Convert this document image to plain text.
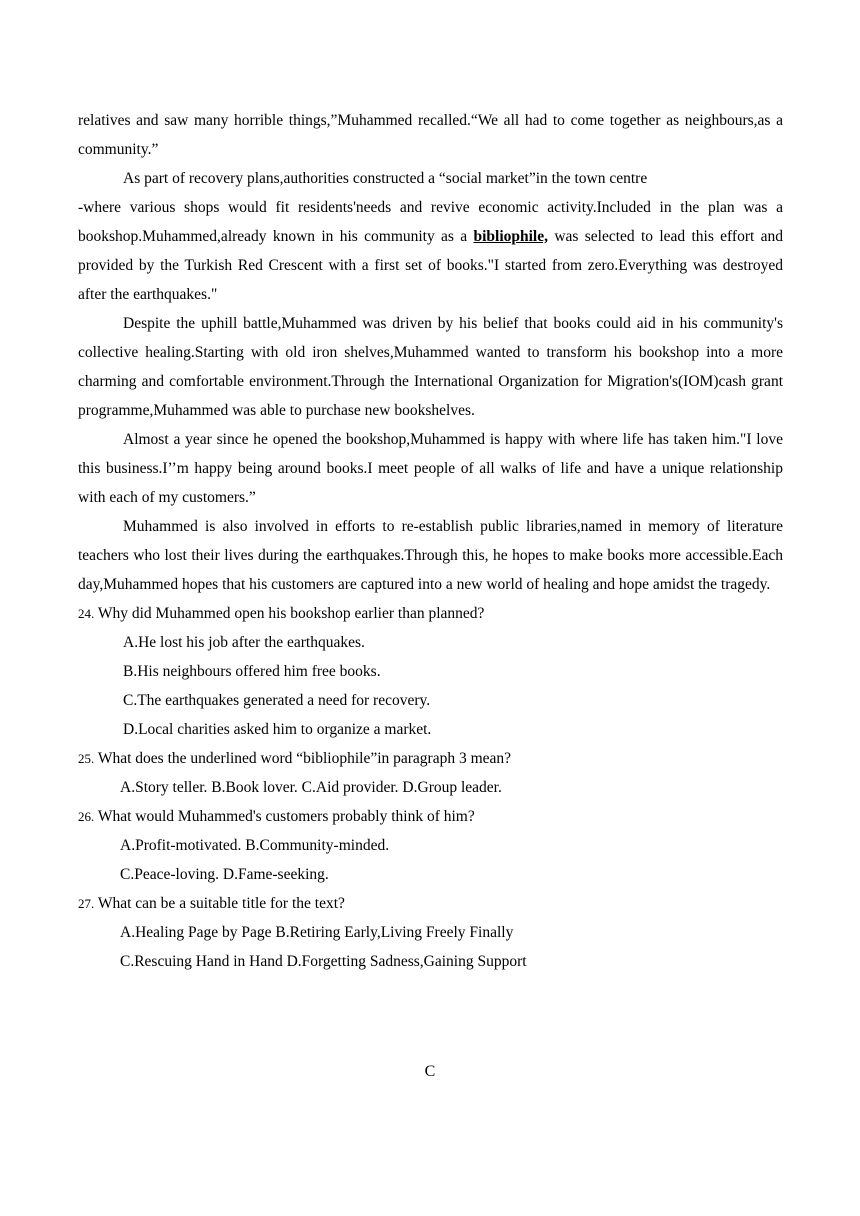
relatives and saw many horrible things,”Muhammed recalled.“We all had to come together as neighbours,as a community.”

As part of recovery plans,authorities constructed a “social market”in the town centre
-where various shops would fit residents'needs and revive economic activity.Included in the plan was a bookshop.Muhammed,already known in his community as a bibliophile, was selected to lead this effort and provided by the Turkish Red Crescent with a first set of books."I started from zero.Everything was destroyed after the earthquakes."

Despite the uphill battle,Muhammed was driven by his belief that books could aid in his community's collective healing.Starting with old iron shelves,Muhammed wanted to transform his bookshop into a more charming and comfortable environment.Through the International Organization for Migration's(IOM)cash grant programme,Muhammed was able to purchase new bookshelves.

Almost a year since he opened the bookshop,Muhammed is happy with where life has taken him."I love this business.I’’m happy being around books.I meet people of all walks of life and have a unique relationship with each of my customers.”

Muhammed is also involved in efforts to re-establish public libraries,named in memory of literature teachers who lost their lives during the earthquakes.Through this, he hopes to make books more accessible.Each day,Muhammed hopes that his customers are captured into a new world of healing and hope amidst the tragedy.

24. Why did Muhammed open his bookshop earlier than planned?

A.He lost his job after the earthquakes.
B.His neighbours offered him free books.
C.The earthquakes generated a need for recovery.
D.Local charities asked him to organize a market.

25. What does the underlined word “bibliophile”in paragraph 3 mean?

A.Story teller. B.Book lover. C.Aid provider. D.Group leader.

26. What would Muhammed's customers probably think of him?

A.Profit-motivated. B.Community-minded.
C.Peace-loving. D.Fame-seeking.

27. What can be a suitable title for the text?

A.Healing Page by Page B.Retiring Early,Living Freely Finally
C.Rescuing Hand in Hand D.Forgetting Sadness,Gaining Support
C
